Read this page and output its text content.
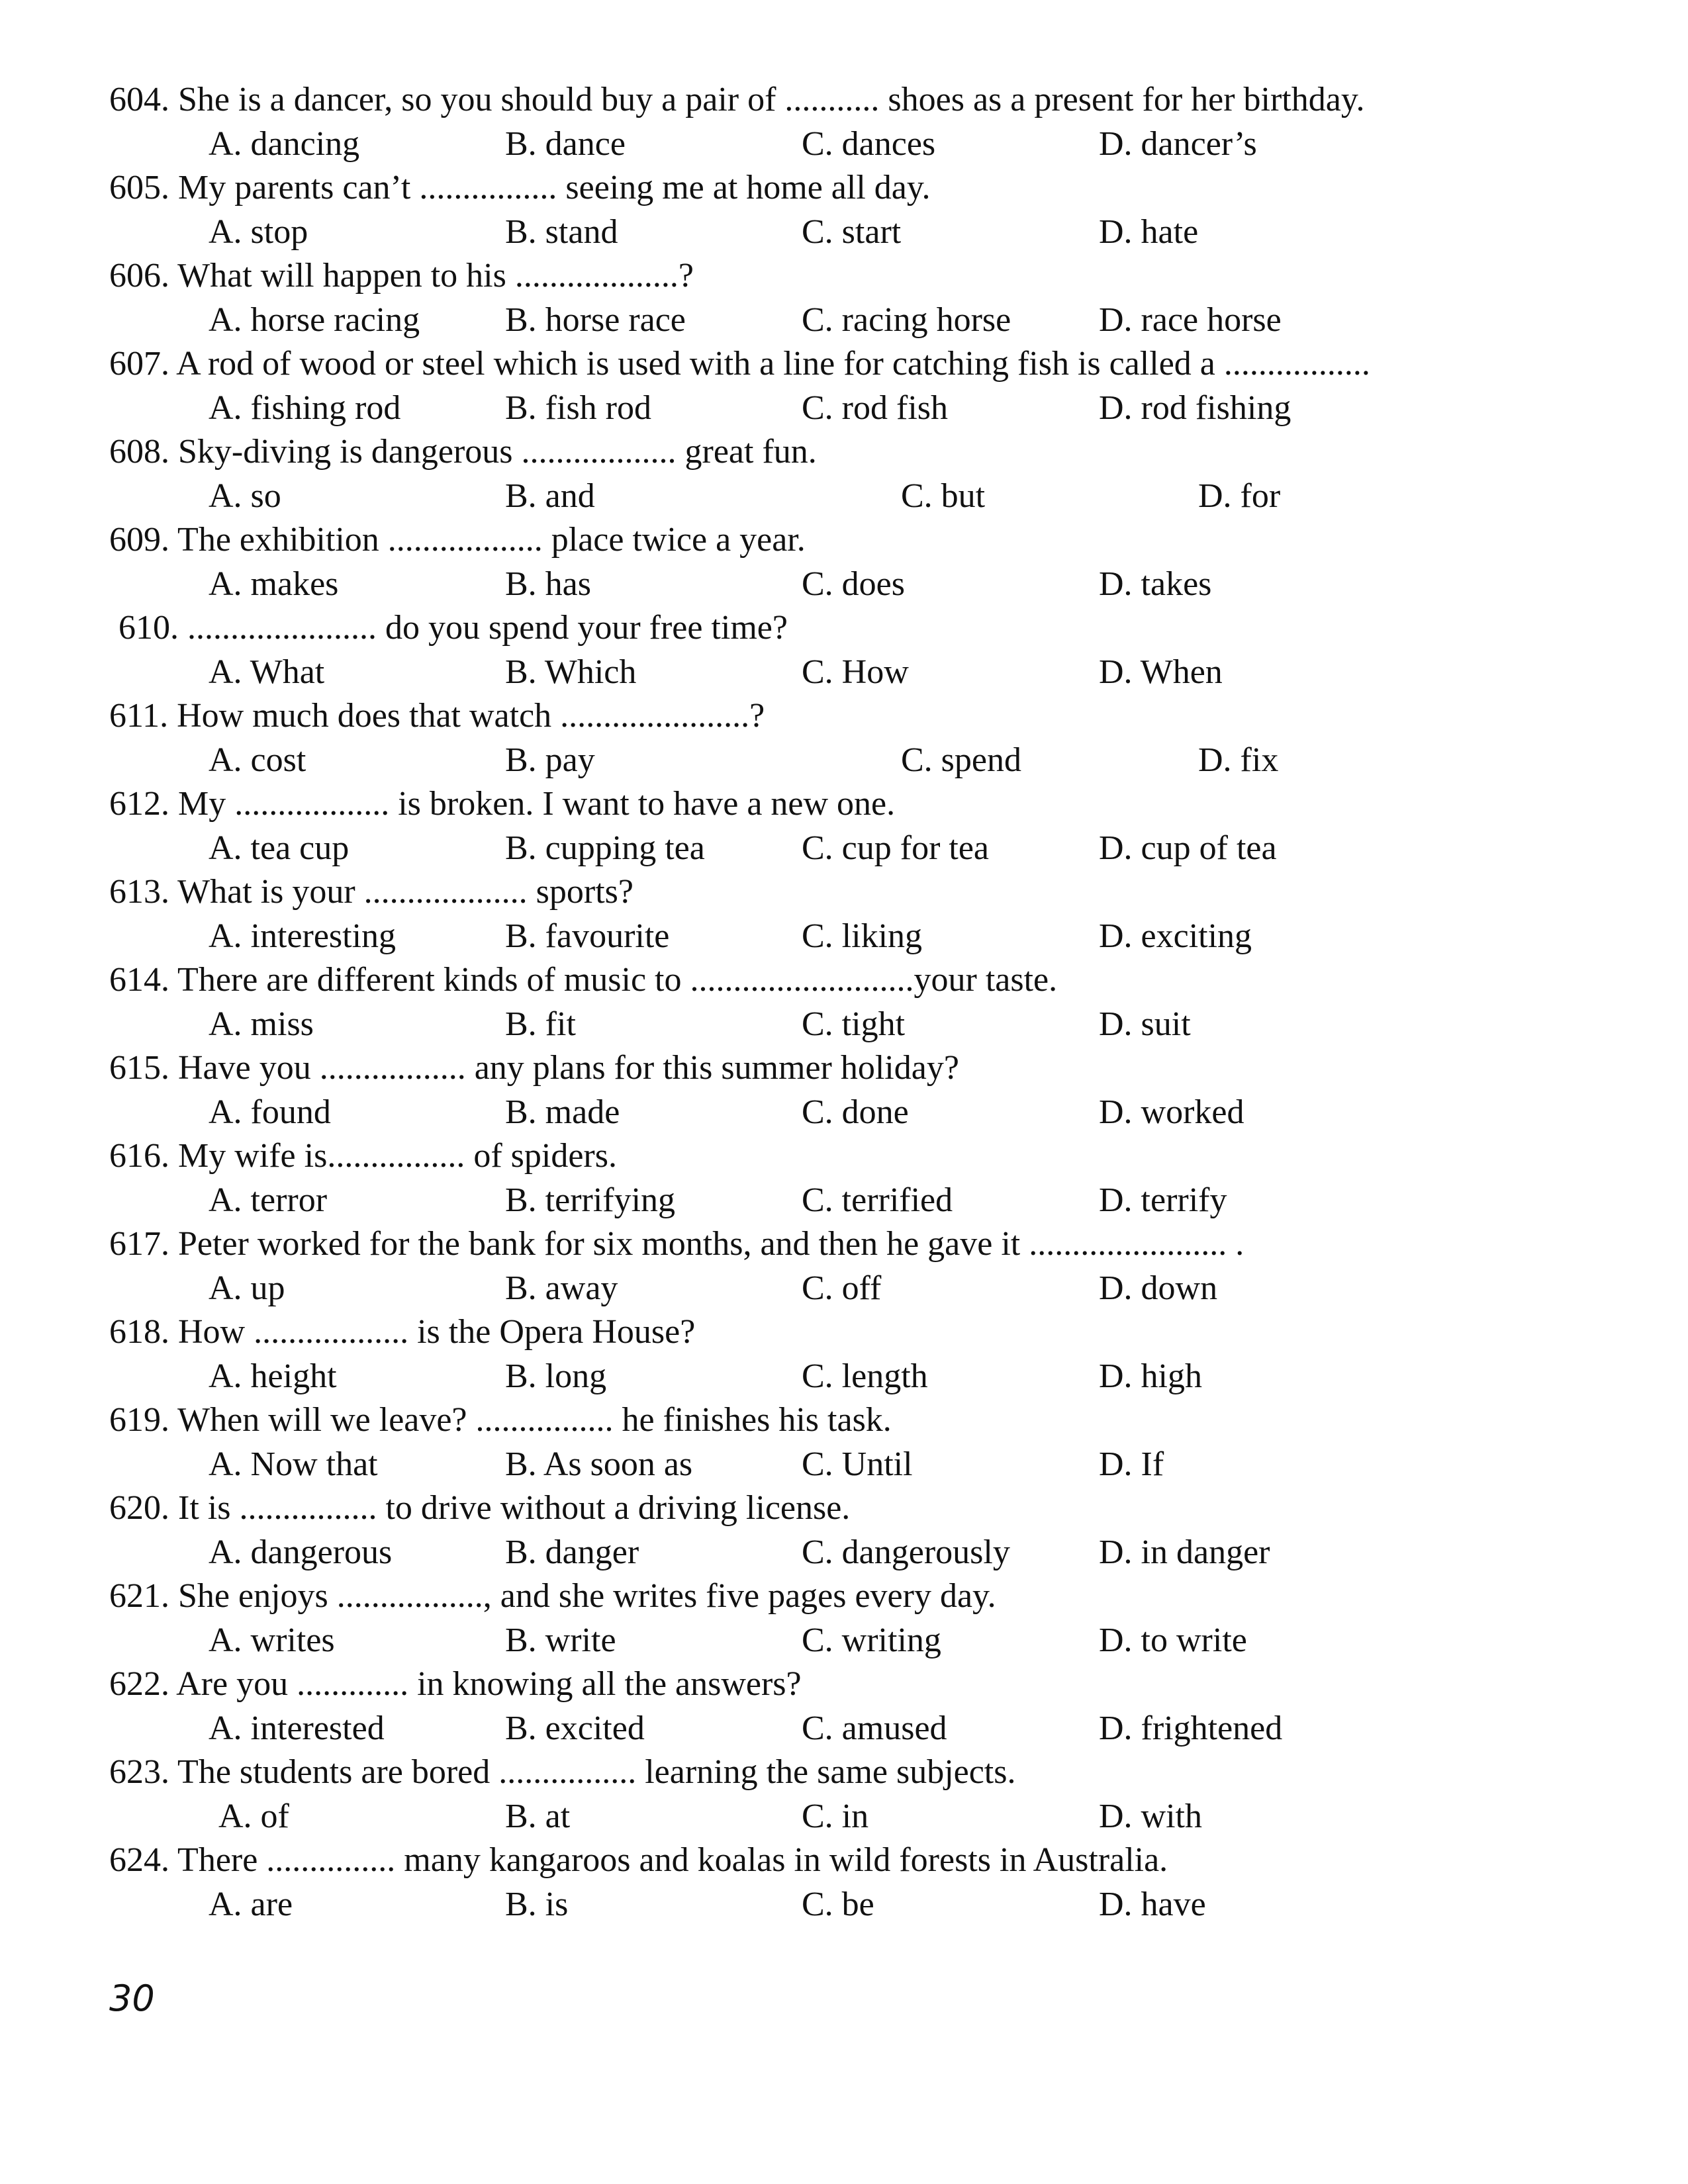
604. She is a dancer, so you should buy a pair of ........... shoes as a present for her birthday.
A. dancing	B. dance	C. dances	D. dancer’s
605. My parents can’t ................ seeing me at home all day.
A. stop	B. stand	C. start	D. hate
606. What will happen to his ...................?
A. horse racing B. horse race	C. racing horse	D. race horse
607. A rod of wood or steel which is used with a line for catching fish is called a .................
A. fishing rod	B. fish rod	C. rod fish	D. rod fishing
608. Sky-diving is dangerous .................. great fun.
A. so	B. and	C. but	D. for
609. The exhibition .................. place twice a year.
A. makes	B. has	C. does	D. takes
610. ...................... do you spend your free time?
A. What	B. Which	C. How	D. When
611. How much does that watch ......................?
A. cost	B. pay	C. spend	D. fix
612. My .................. is broken. I want to have a new one.
A. tea cup	B. cupping tea	C. cup for tea	D. cup of tea
613. What is your ................... sports?
A. interesting	B. favourite	C. liking	D. exciting
614. There are different kinds of music to ..........................your taste.
A. miss	B. fit	C. tight	D. suit
615. Have you ................. any plans for this summer holiday?
A. found	B. made	C. done	D. worked
616. My wife is................ of spiders.
A. terror	B. terrifying	C. terrified	D. terrify
617. Peter worked for the bank for six months, and then he gave it ....................... .
A. up	B. away	C. off	D. down
618. How .................. is the Opera House?
A. height	B. long	C. length	D. high
619. When will we leave? ................ he finishes his task.
A. Now that	B. As soon as	C. Until	D. If
620. It is ................ to drive without a driving license.
A. dangerous	B. danger	C. dangerously	D. in danger
621. She enjoys ................., and she writes five pages every day.
A. writes	B. write	C. writing	D. to write
622. Are you ............. in knowing all the answers?
A. interested	B. excited	C. amused	D. frightened
623. The students are bored ................ learning the same subjects.
A. of	B. at	C. in	D. with
624. There ............... many kangaroos and koalas in wild forests in Australia.
A. are	B. is	C. be	D. have
30
